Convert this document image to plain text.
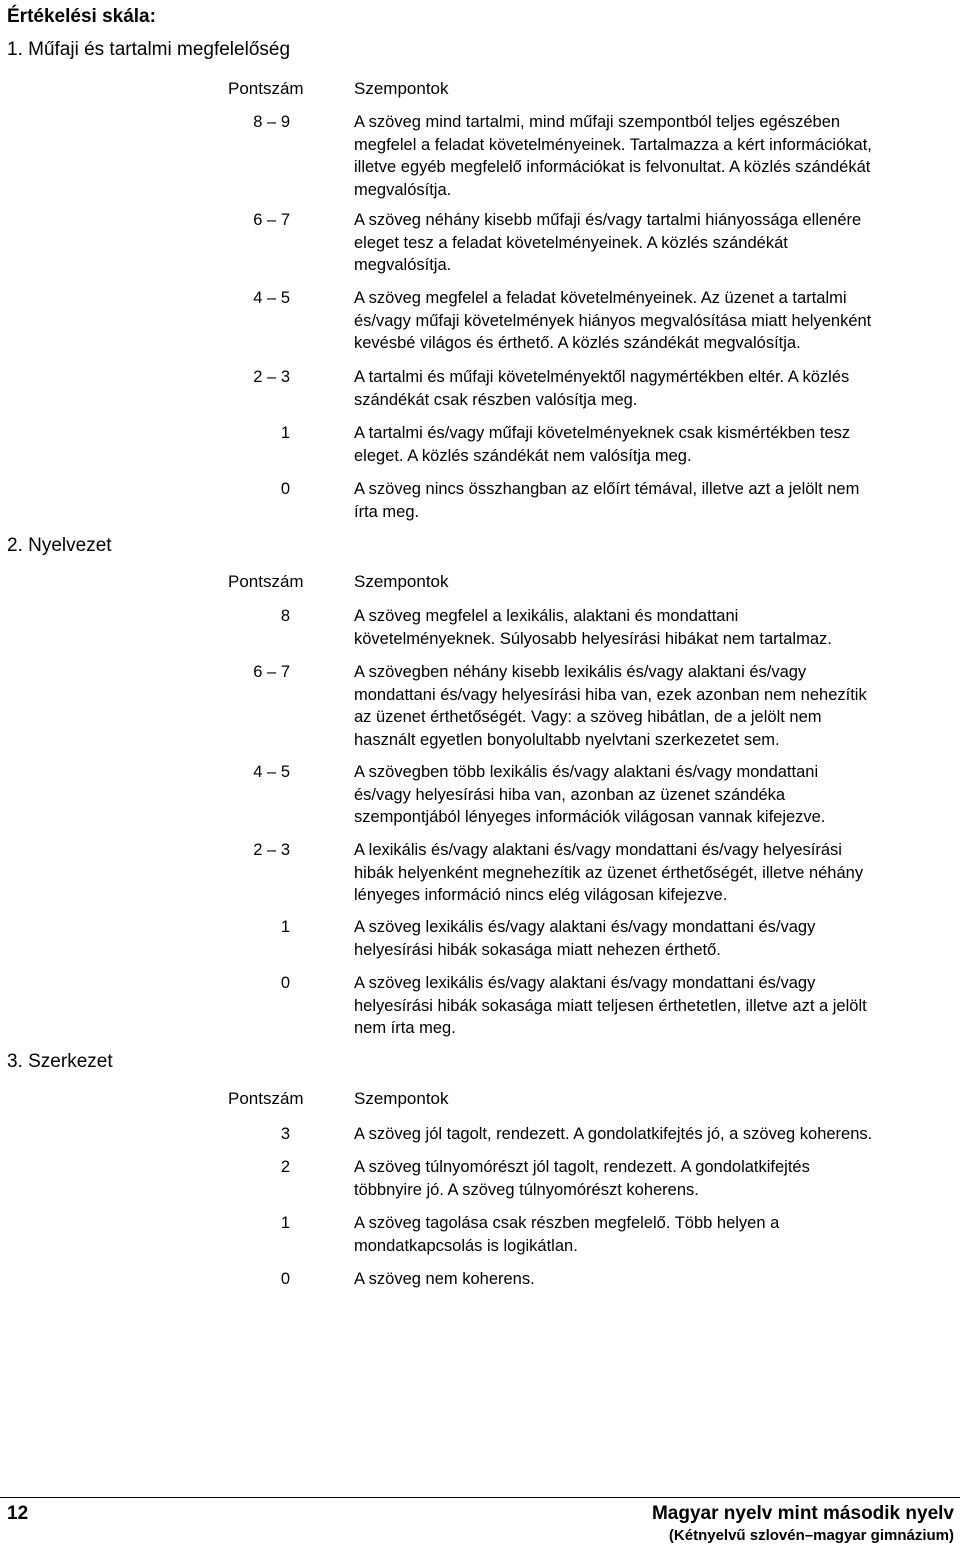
Értékelési skála:
1. Műfaji és tartalmi megfelelőség
Pontszám	Szempontok
8 – 9	A szöveg mind tartalmi, mind műfaji szempontból teljes egészében
megfelel a feladat követelményeinek. Tartalmazza a kért információkat,
illetve egyéb megfelelő információkat is felvonultat. A közlés szándékát
megvalósítja.
6 – 7	A szöveg néhány kisebb műfaji és/vagy tartalmi hiányossága ellenére
eleget tesz a feladat követelményeinek. A közlés szándékát
megvalósítja.
4 – 5	A szöveg megfelel a feladat követelményeinek. Az üzenet a tartalmi
és/vagy műfaji követelmények hiányos megvalósítása miatt helyenként
kevésbé világos és érthető. A közlés szándékát megvalósítja.
2 – 3	A tartalmi és műfaji követelményektől nagymértékben eltér. A közlés
szándékát csak részben valósítja meg.
1	A tartalmi és/vagy műfaji követelményeknek csak kismértékben tesz
eleget. A közlés szándékát nem valósítja meg.
0	A szöveg nincs összhangban az előírt témával, illetve azt a jelölt nem
írta meg.
2. Nyelvezet
Pontszám	Szempontok
8	A szöveg megfelel a lexikális, alaktani és mondattani
követelményeknek. Súlyosabb helyesírási hibákat nem tartalmaz.
6 – 7	A szövegben néhány kisebb lexikális és/vagy alaktani és/vagy
mondattani és/vagy helyesírási hiba van, ezek azonban nem nehezítik
az üzenet érthetőségét. Vagy: a szöveg hibátlan, de a jelölt nem
használt egyetlen bonyolultabb nyelvtani szerkezetet sem.
4 – 5	A szövegben több lexikális és/vagy alaktani és/vagy mondattani
és/vagy helyesírási hiba van, azonban az üzenet szándéka
szempontjából lényeges információk világosan vannak kifejezve.
2 – 3	A lexikális és/vagy alaktani és/vagy mondattani és/vagy helyesírási
hibák helyenként megnehezítik az üzenet érthetőségét, illetve néhány
lényeges információ nincs elég világosan kifejezve.
1	A szöveg lexikális és/vagy alaktani és/vagy mondattani és/vagy
helyesírási hibák sokasága miatt nehezen érthető.
0	A szöveg lexikális és/vagy alaktani és/vagy mondattani és/vagy
helyesírási hibák sokasága miatt teljesen érthetetlen, illetve azt a jelölt
nem írta meg.
3. Szerkezet
Pontszám	Szempontok
3	A szöveg jól tagolt, rendezett. A gondolatkifejtés jó, a szöveg koherens.
2	A szöveg túlnyomórészt jól tagolt, rendezett. A gondolatkifejtés
többnyire jó. A szöveg túlnyomórészt koherens.
1	A szöveg tagolása csak részben megfelelő. Több helyen a
mondatkapcsolás is logikátlan.
0	A szöveg nem koherens.
12	Magyar nyelv mint második nyelv
(Kétnyelvű szlovén–magyar gimnázium)
